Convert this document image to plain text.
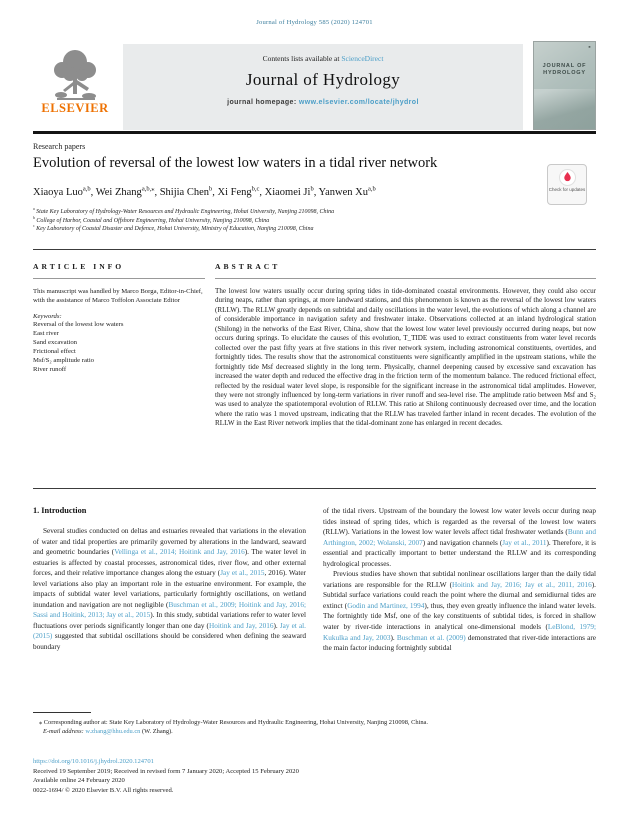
Journal of Hydrology 585 (2020) 124701
ELSEVIER
Contents lists available at ScienceDirect
Journal of Hydrology
journal homepage: www.elsevier.com/locate/jhydrol
■
JOURNAL OF HYDROLOGY
Research papers
Evolution of reversal of the lowest low waters in a tidal river network
Check for updates
Xiaoya Luo$^{a,b}$, Wei Zhang$^{a,b,⁎}$, Shijia Chen$^b$, Xi Feng$^{b,c}$, Xiaomei Ji$^b$, Yanwen Xu$^{a,b}$
$^a$ State Key Laboratory of Hydrology-Water Resources and Hydraulic Engineering, Hohai University, Nanjing 210098, China
$^b$ College of Harbor, Coastal and Offshore Engineering, Hohai University, Nanjing 210098, China
$^c$ Key Laboratory of Coastal Disaster and Defence, Hohai University, Ministry of Education, Nanjing 210098, China
ARTICLE INFO
This manuscript was handled by Marco Borga, Editor-in-Chief, with the assistance of Marco Toffolon Associate Editor
Keywords:
Reversal of the lowest low waters
East river
Sand excavation
Frictional effect
Msf/S₂ amplitude ratio
River runoff
ABSTRACT
The lowest low waters usually occur during spring tides in tide-dominated coastal environments. However, they could also occur during neaps, rather than springs, at more landward stations, and this phenomenon is known as the reversal of the lowest low waters (RLLW). The RLLW greatly depends on subtidal and daily oscillations in the water level, the evolutions of which along a channel are of considerable importance in navigation safety and freshwater intake. Observations collected at an inland hydrological station (Shilong) in the networks of the East River, China, show that the lowest low water level previously occurred during neaps, but now occurs during springs. To elucidate the causes of this evolution, T_TIDE was used to extract constituents from water level records collected over the past fifty years at five stations in this river network system, including astronomical constituents, overtides, and fortnightly tides. The results show that the astronomical constituents were significantly amplified in the upstream stations, while the fortnightly tide Msf decreased slightly in the long term. Physically, channel deepening caused by excessive sand excavation has increased the water depth and reduced the effective drag in the friction term of the momentum balance. The reduced frictional effect, reflected by the residual water level slope, is responsible for the significant increase in the astronomical tidal amplitudes. However, they were not strongly influenced by long-term variations in river runoff and sea-level rise. The amplitude ratio between Msf and S₂ was used to analyze the spatiotemporal evolution of RLLW. This ratio at Shilong continuously decreased over time, and the location where the ratio was 1 moved upstream, indicating that the RLLW has traveled farther inland in recent decades. The evolution of the RLLW in the East River network implies that the tidal-dominant zone has enlarged in recent decades.
1. Introduction

Several studies conducted on deltas and estuaries revealed that variations in the elevation of water and tidal properties are primarily governed by alterations in the landward, seaward and geometric boundaries (Vellinga et al., 2014; Hoitink and Jay, 2016). The water level in estuaries is affected by coastal processes, astronomical tides, river flow, and other external forces, and their relative importance changes along the estuary (Jay et al., 2015, 2016). Water level variations also play an important role in the estuarine environment. For example, the impacts of subtidal water level variations, particularly fortnightly oscillations, on wetland inundation and navigation are not negligible (Buschman et al., 2009; Hoitink and Jay, 2016; Sassi and Hoitink, 2013; Jay et al., 2015). In this study, subtidal variations refer to water level fluctuations over periods significantly longer than one day (Hoitink and Jay, 2016). Jay et al. (2015) suggested that subtidal oscillations should be considered when defining the seaward boundary

of the tidal rivers. Upstream of the boundary the lowest low water levels occur during neap tides instead of spring tides, which is regarded as the reversal of the lowest low waters (RLLW). Variations in the lowest low water levels affect tidal freshwater wetlands (Bunn and Arthington, 2002; Wolanski, 2007) and navigation channels (Jay et al., 2011). Therefore, it is essential and practically important to better understand the RLLW and its corresponding hydrological processes.

Previous studies have shown that subtidal nonlinear oscillations larger than the daily tidal variations are responsible for the RLLW (Hoitink and Jay, 2016; Jay et al., 2011, 2016). Subtidal surface variations could reach the point where the diurnal and semidiurnal tides are extinct (Godin and Martinez, 1994), thus, they even greatly influence the inland water levels. The fortnightly tide Msf, one of the key constituents of subtidal tides, is forced in shallow water by river-tide interactions in analytical one-dimensional models (LeBlond, 1979; Kukulka and Jay, 2003). Buschman et al. (2009) demonstrated that river-tide interactions are the main factor inducing fortnightly subtidal

⁎ Corresponding author at: State Key Laboratory of Hydrology-Water Resources and Hydraulic Engineering, Hohai University, Nanjing 210098, China.
E-mail address: w.zhang@hhu.edu.cn (W. Zhang).
https://doi.org/10.1016/j.jhydrol.2020.124701
Received 19 September 2019; Received in revised form 7 January 2020; Accepted 15 February 2020
Available online 24 February 2020
0022-1694/ © 2020 Elsevier B.V. All rights reserved.
